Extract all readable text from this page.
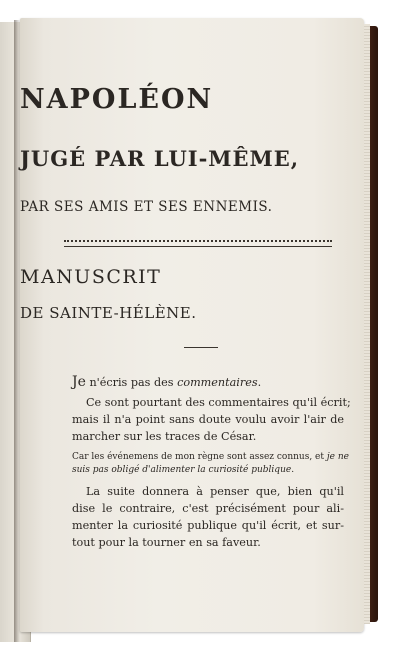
NAPOLÉON
JUGÉ PAR LUI-MÊME,
PAR SES AMIS ET SES ENNEMIS.
MANUSCRIT
DE SAINTE-HÉLÈNE.

Je n'écris pas des commentaires.

Ce sont pourtant des commentaires qu'il écrit;
mais il n'a point sans doute voulu avoir l'air de
marcher sur les traces de César.

Car les événemens de mon règne sont assez connus, et je ne
suis pas obligé d'alimenter la curiosité publique.

La suite donnera à penser que, bien qu'il
dise le contraire, c'est précisément pour ali-
menter la curiosité publique qu'il écrit, et sur-
tout pour la tourner en sa faveur.
